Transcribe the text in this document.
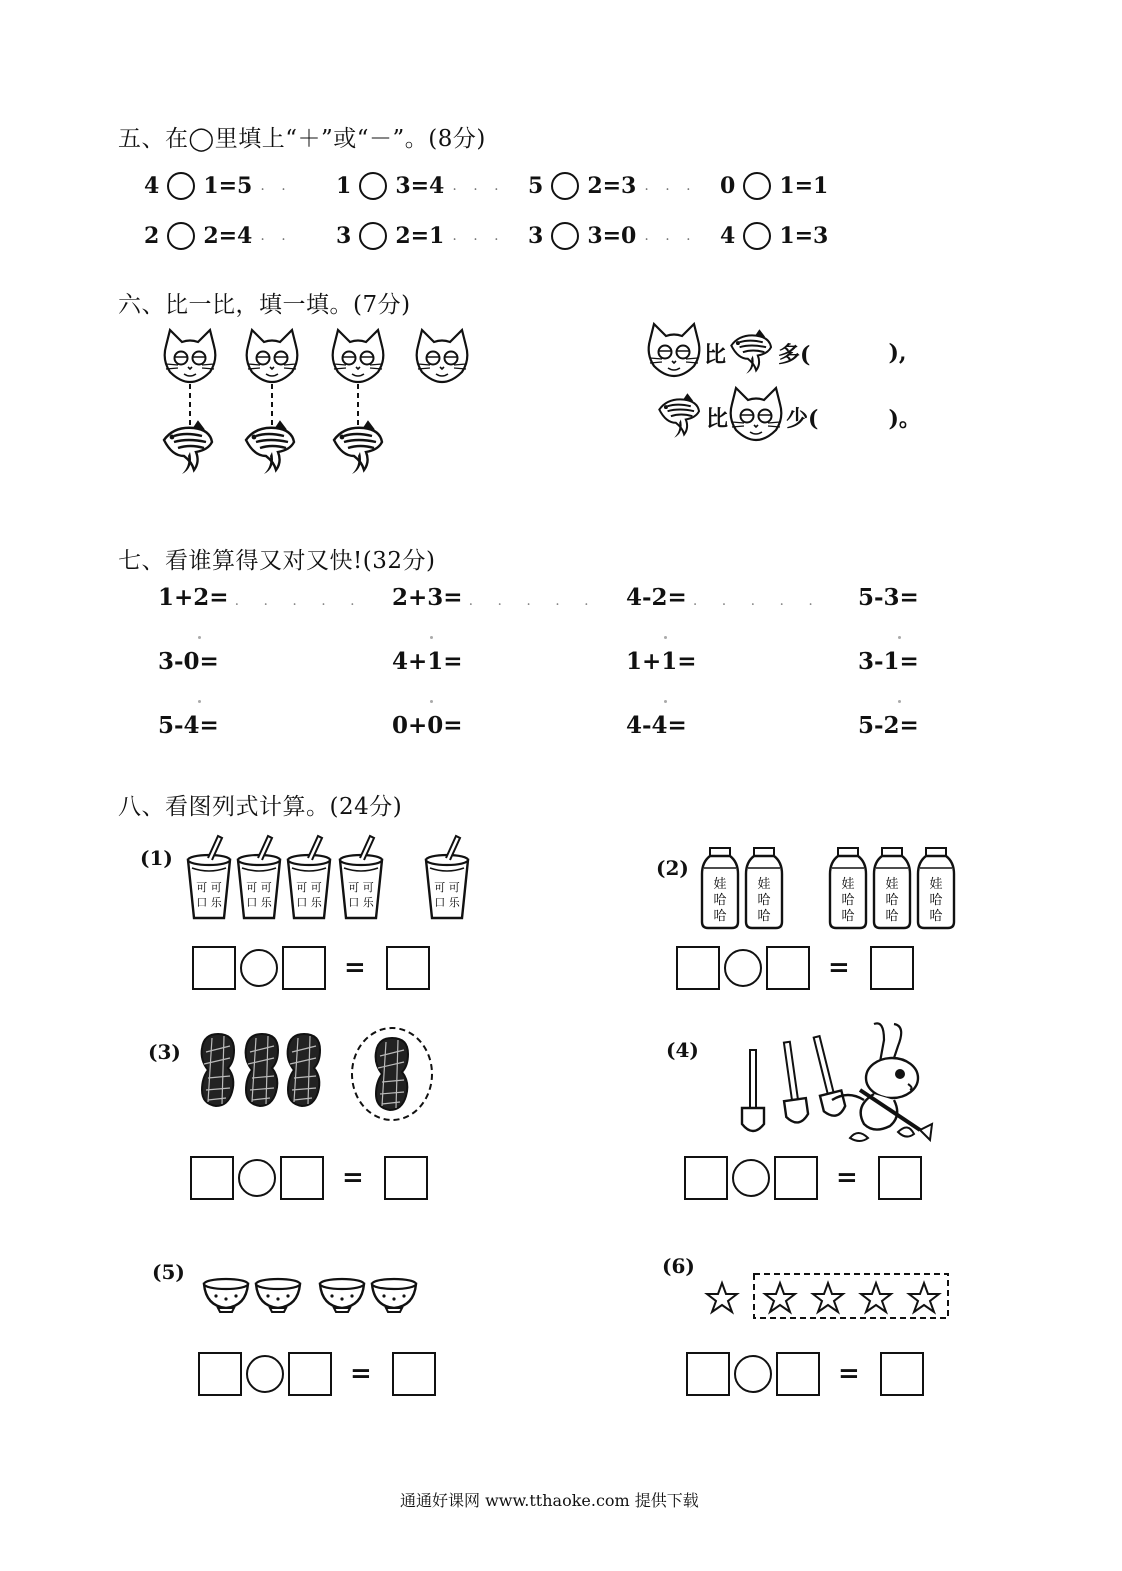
五、在◯里填上“＋”或“－”。(8分)
4 1=5 . . 1 3=4 . . . 5 2=3 . . . 0 1=1
2 2=4 . . 3 2=1 . . . 3 3=0 . . . 4 1=3
六、比一比，填一填。(7分)
比 多(	),
比	少(	)。
七、看谁算得又对又快!(32分)
1+2= . . . . . 2+3= . . . . . 4-2= . . . . . 5-3=
3-0=	4+1=	1+1=	3-1=
5-4=	0+0=	4-4=	5-2=
八、看图列式计算。(24分)
(1)
可 可
口 乐
可 可
口 乐
可 可
口 乐
可 可
口 乐
可 可
口 乐
=
(2)
娃
哈
哈
娃
哈
哈
娃
哈
哈
娃
哈
哈
娃
哈
哈
=
(3)
=
(4)
=
(5)
=
(6)
=
通通好课网 www.tthaoke.com 提供下载
